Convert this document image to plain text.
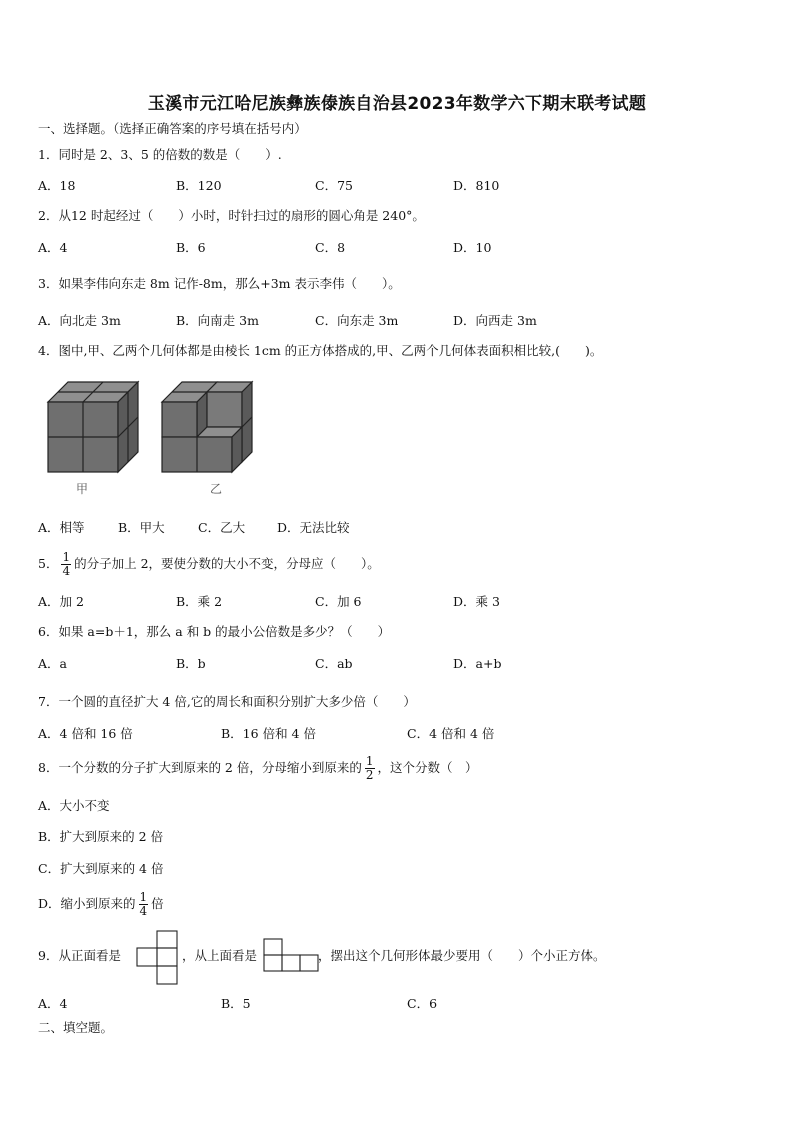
玉溪市元江哈尼族彝族傣族自治县2023年数学六下期末联考试题
一、选择题。（选择正确答案的序号填在括号内）
1．同时是 2、3、5 的倍数的数是（　　）.
A．18	B．120	C．75	D．810
2．从12 时起经过（　　）小时，时针扫过的扇形的圆心角是 240°。
A．4	B．6	C．8	D．10
3．如果李伟向东走 8m 记作-8m，那么+3m 表示李伟（　　）。
A．向北走 3m	B．向南走 3m	C．向东走 3m	D．向西走 3m
4．图中,甲、乙两个几何体都是由棱长 1cm 的正方体搭成的,甲、乙两个几何体表面积相比较,(　　)。
甲	乙
A．相等	B．甲大	C．乙大	D．无法比较
5． $\frac{1}{4}$ 的分子加上 2，要使分数的大小不变，分母应（　　）。
A．加 2	B．乘 2	C．加 6	D．乘 3
6．如果 a=b＋1，那么 a 和 b 的最小公倍数是多少？（　　）
A．a	B．b	C．ab	D．a+b
7．一个圆的直径扩大 4 倍,它的周长和面积分别扩大多少倍（　　）
A．4 倍和 16 倍	B．16 倍和 4 倍	C．4 倍和 4 倍
8．一个分数的分子扩大到原来的 2 倍，分母缩小到原来的 $\frac{1}{2}$ ，这个分数（　）
A．大小不变
B．扩大到原来的 2 倍
C．扩大到原来的 4 倍
D．缩小到原来的 $\frac{1}{4}$ 倍
9．从正面看是	，从上面看是	，摆出这个几何形体最少要用（　　）个小正方体。
A．4	B．5	C．6
二、填空题。
